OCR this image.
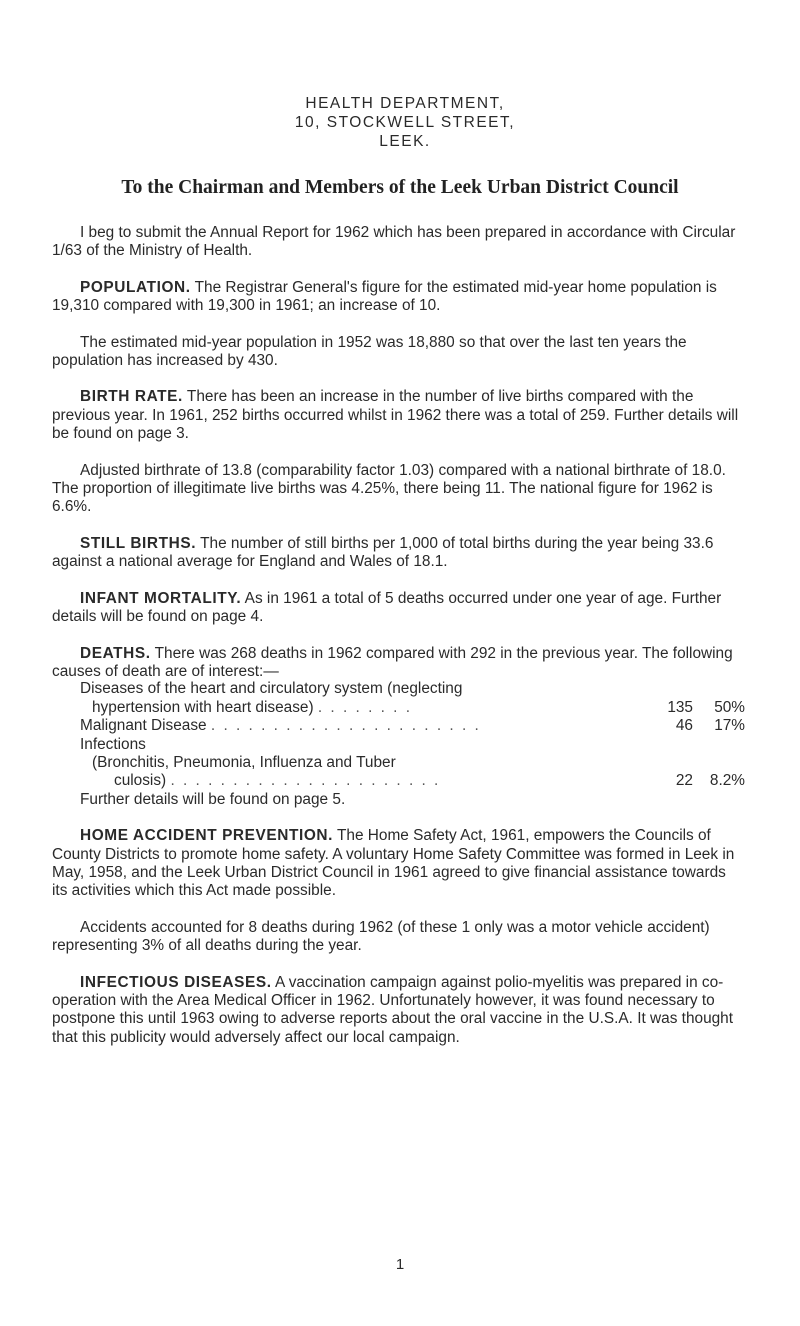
HEALTH DEPARTMENT,
10, STOCKWELL STREET,
LEEK.
To the Chairman and Members of the Leek Urban District Council

I beg to submit the Annual Report for 1962 which has been prepared in accordance with Circular 1/63 of the Ministry of Health.

POPULATION. The Registrar General's figure for the estimated mid-year home population is 19,310 compared with 19,300 in 1961; an increase of 10.

The estimated mid-year population in 1952 was 18,880 so that over the last ten years the population has increased by 430.

BIRTH RATE. There has been an increase in the number of live births compared with the previous year. In 1961, 252 births occurred whilst in 1962 there was a total of 259. Further details will be found on page 3.

Adjusted birthrate of 13.8 (comparability factor 1.03) compared with a national birthrate of 18.0. The proportion of illegitimate live births was 4.25%, there being 11. The national figure for 1962 is 6.6%.

STILL BIRTHS. The number of still births per 1,000 of total births during the year being 33.6 against a national average for England and Wales of 18.1.

INFANT MORTALITY. As in 1961 a total of 5 deaths occurred under one year of age. Further details will be found on page 4.

DEATHS. There was 268 deaths in 1962 compared with 292 in the previous year. The following causes of death are of interest:—

Diseases of the heart and circulatory system (neglecting
hypertension with heart disease) . . . . . . . .	135	50%
Malignant Disease . . . . . . . . . . . . . . . . . . . . . .	46	17%
Infections
(Bronchitis, Pneumonia, Influenza and Tuber
culosis) . . . . . . . . . . . . . . . . . . . . . .	22	8.2%
Further details will be found on page 5.

HOME ACCIDENT PREVENTION. The Home Safety Act, 1961, empowers the Councils of County Districts to promote home safety. A voluntary Home Safety Committee was formed in Leek in May, 1958, and the Leek Urban District Council in 1961 agreed to give financial assistance towards its activities which this Act made possible.

Accidents accounted for 8 deaths during 1962 (of these 1 only was a motor vehicle accident) representing 3% of all deaths during the year.

INFECTIOUS DISEASES. A vaccination campaign against polio-myelitis was prepared in co-operation with the Area Medical Officer in 1962. Unfortunately however, it was found necessary to postpone this until 1963 owing to adverse reports about the oral vaccine in the U.S.A. It was thought that this publicity would adversely affect our local campaign.

1
